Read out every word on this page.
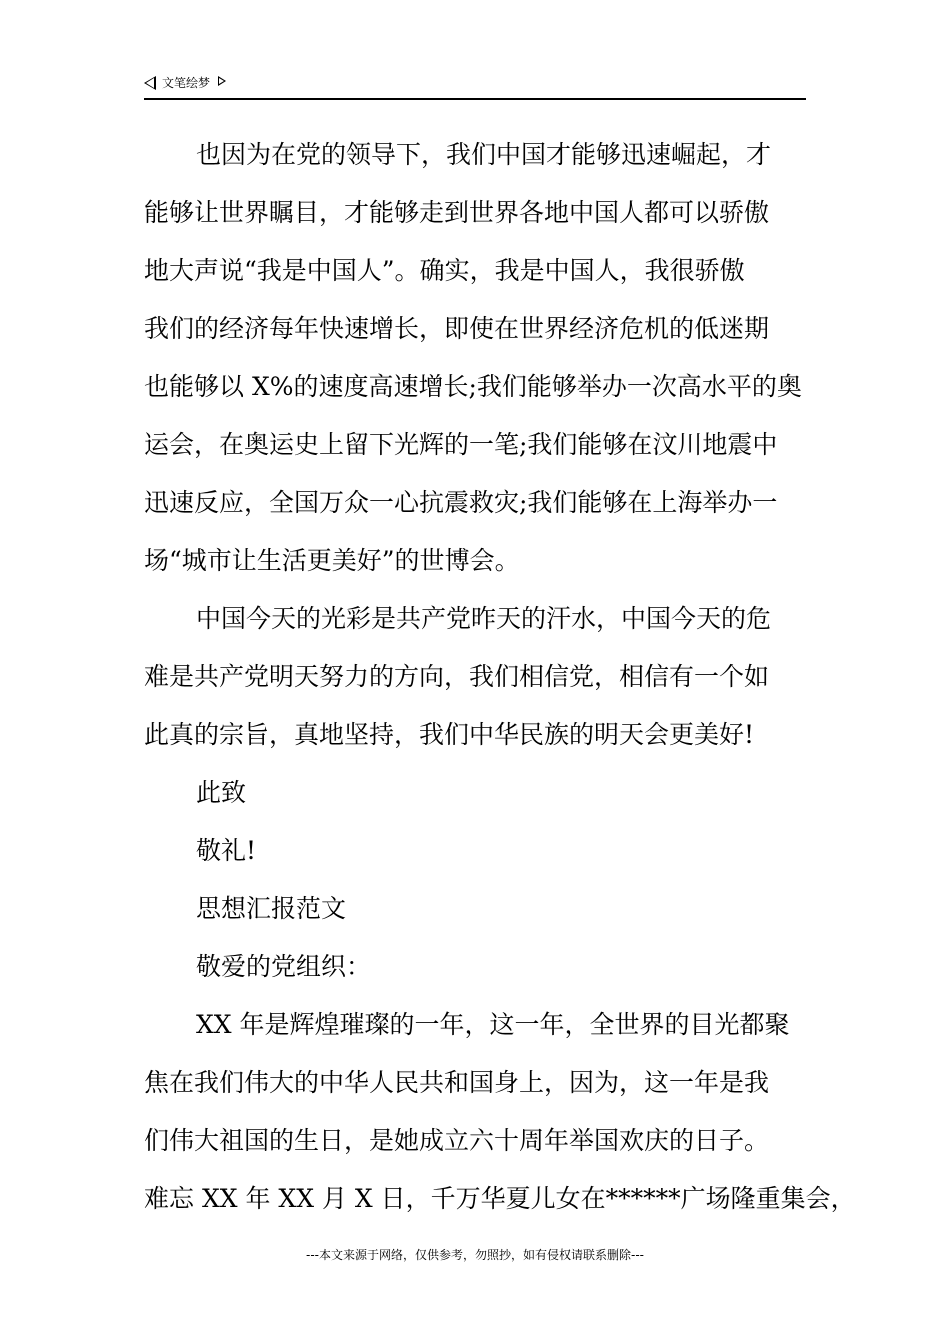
文笔绘梦
也因为在党的领导下，我们中国才能够迅速崛起，才
能够让世界瞩目，才能够走到世界各地中国人都可以骄傲
地大声说“我是中国人”。确实，我是中国人，我很骄傲
我们的经济每年快速增长，即使在世界经济危机的低迷期
也能够以 X%的速度高速增长;我们能够举办一次高水平的奥
运会，在奥运史上留下光辉的一笔;我们能够在汶川地震中
迅速反应，全国万众一心抗震救灾;我们能够在上海举办一
场“城市让生活更美好”的世博会。
中国今天的光彩是共产党昨天的汗水，中国今天的危
难是共产党明天努力的方向，我们相信党，相信有一个如
此真的宗旨，真地坚持，我们中华民族的明天会更美好!
此致
敬礼!
思想汇报范文
敬爱的党组织：
XX 年是辉煌璀璨的一年，这一年，全世界的目光都聚
焦在我们伟大的中华人民共和国身上，因为，这一年是我
们伟大祖国的生日，是她成立六十周年举国欢庆的日子。
难忘 XX 年 XX 月 X 日，千万华夏儿女在******广场隆重集会，
---本文来源于网络，仅供参考，勿照抄，如有侵权请联系删除---
